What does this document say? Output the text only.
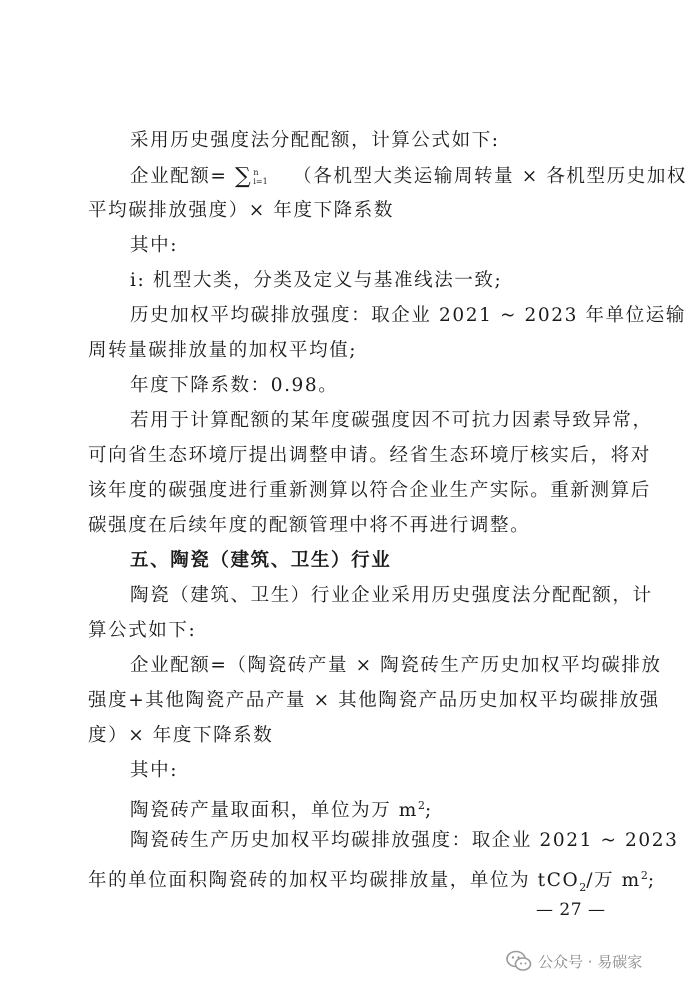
采用历史强度法分配配额，计算公式如下:
企业配额= ∑n
i=1 （各机型大类运输周转量 × 各机型历史加权
平均碳排放强度）× 年度下降系数
其中:
i: 机型大类，分类及定义与基准线法一致;
历史加权平均碳排放强度：取企业 2021 ~ 2023 年单位运输
周转量碳排放量的加权平均值;
年度下降系数：0.98。
若用于计算配额的某年度碳强度因不可抗力因素导致异常，
可向省生态环境厅提出调整申请。经省生态环境厅核实后，将对
该年度的碳强度进行重新测算以符合企业生产实际。重新测算后
碳强度在后续年度的配额管理中将不再进行调整。
五、陶瓷（建筑、卫生）行业
陶瓷（建筑、卫生）行业企业采用历史强度法分配配额，计
算公式如下:
企业配额=（陶瓷砖产量 × 陶瓷砖生产历史加权平均碳排放
强度+其他陶瓷产品产量 × 其他陶瓷产品历史加权平均碳排放强
度）× 年度下降系数
其中:
陶瓷砖产量取面积，单位为万 $m^2$;
陶瓷砖生产历史加权平均碳排放强度：取企业 2021 ~ 2023
年的单位面积陶瓷砖的加权平均碳排放量，单位为 tCO$_2$/万 $m^2$;
— 27 —
公众号 · 易碳家
